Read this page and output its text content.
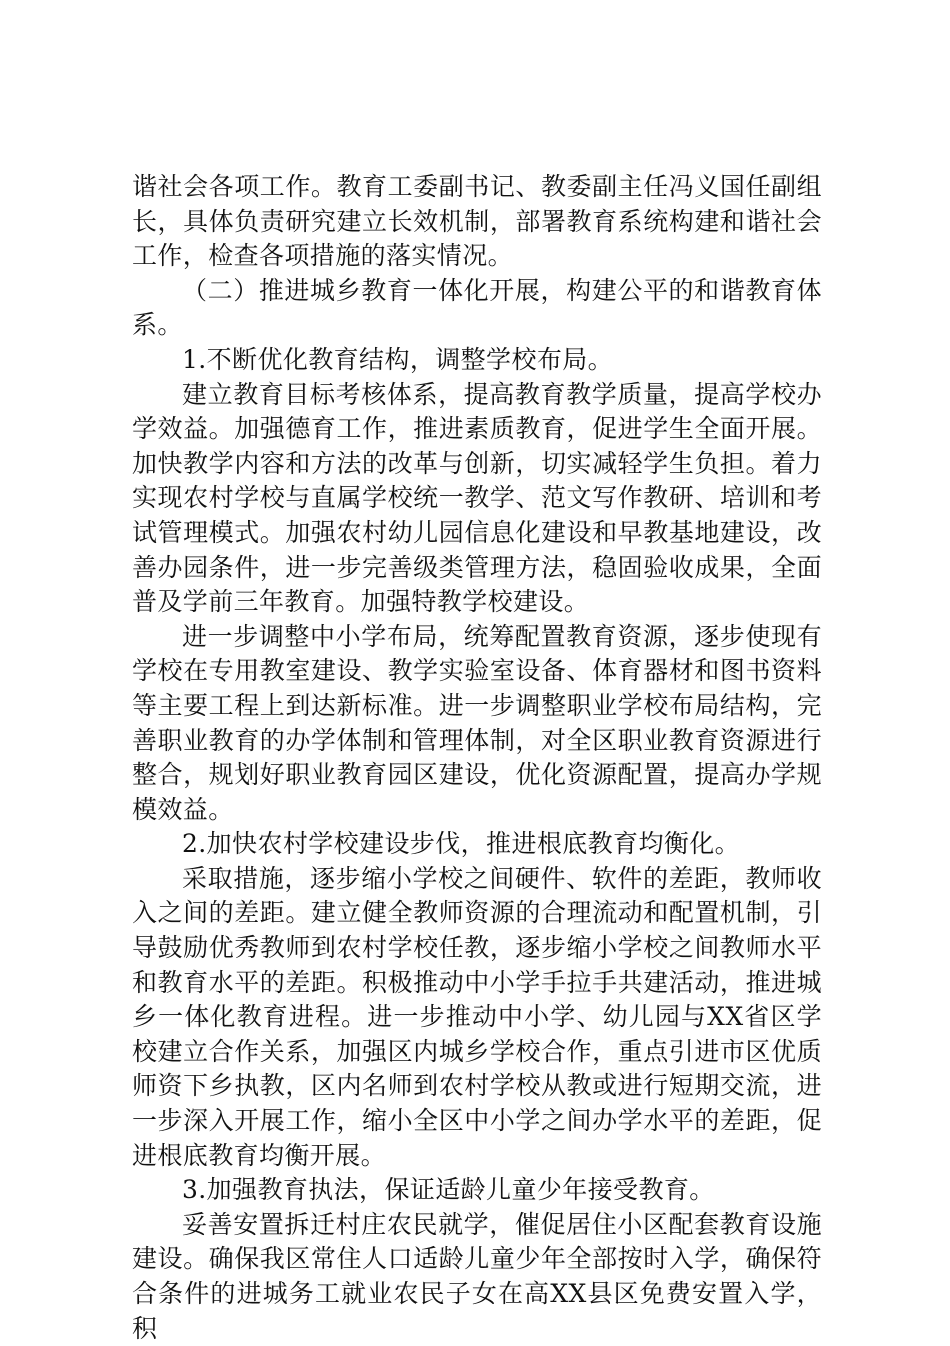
谐社会各项工作。教育工委副书记、教委副主任冯义国任副组长，具体负责研究建立长效机制，部署教育系统构建和谐社会工作，检查各项措施的落实情况。

（二）推进城乡教育一体化开展，构建公平的和谐教育体系。

1.不断优化教育结构，调整学校布局。

建立教育目标考核体系，提高教育教学质量，提高学校办学效益。加强德育工作，推进素质教育，促进学生全面开展。加快教学内容和方法的改革与创新，切实减轻学生负担。着力实现农村学校与直属学校统一教学、范文写作教研、培训和考试管理模式。加强农村幼儿园信息化建设和早教基地建设，改善办园条件，进一步完善级类管理方法，稳固验收成果，全面普及学前三年教育。加强特教学校建设。

进一步调整中小学布局，统筹配置教育资源，逐步使现有学校在专用教室建设、教学实验室设备、体育器材和图书资料等主要工程上到达新标准。进一步调整职业学校布局结构，完善职业教育的办学体制和管理体制，对全区职业教育资源进行整合，规划好职业教育园区建设，优化资源配置，提高办学规模效益。

2.加快农村学校建设步伐，推进根底教育均衡化。

采取措施，逐步缩小学校之间硬件、软件的差距，教师收入之间的差距。建立健全教师资源的合理流动和配置机制，引导鼓励优秀教师到农村学校任教，逐步缩小学校之间教师水平和教育水平的差距。积极推动中小学手拉手共建活动，推进城乡一体化教育进程。进一步推动中小学、幼儿园与XX省区学校建立合作关系，加强区内城乡学校合作，重点引进市区优质师资下乡执教，区内名师到农村学校从教或进行短期交流，进一步深入开展工作，缩小全区中小学之间办学水平的差距，促进根底教育均衡开展。

3.加强教育执法，保证适龄儿童少年接受教育。

妥善安置拆迁村庄农民就学，催促居住小区配套教育设施建设。确保我区常住人口适龄儿童少年全部按时入学，确保符合条件的进城务工就业农民子女在高XX县区免费安置入学，积
